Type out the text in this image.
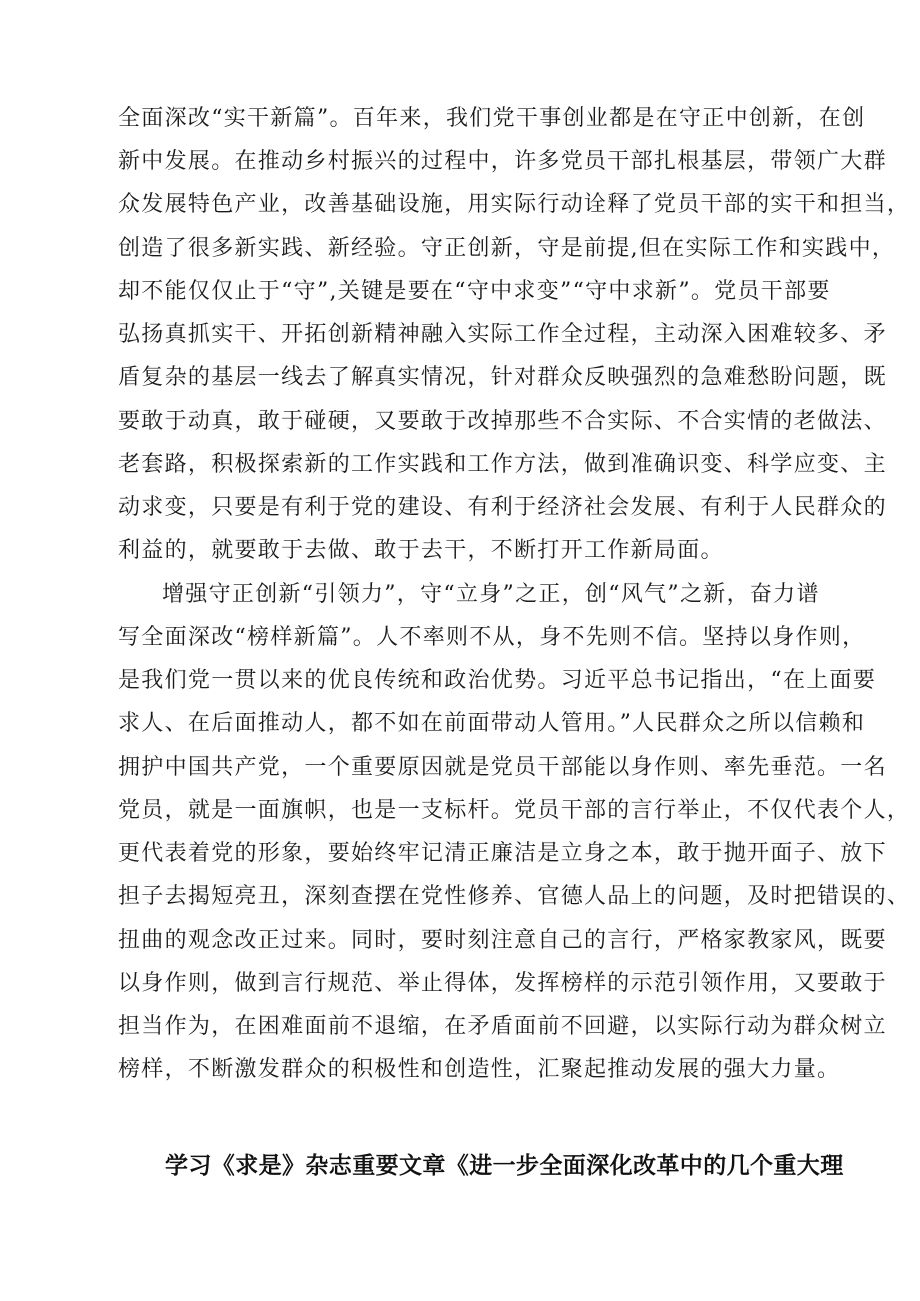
全面深改“实干新篇”。百年来，我们党干事创业都是在守正中创新，在创
新中发展。在推动乡村振兴的过程中，许多党员干部扎根基层，带领广大群
众发展特色产业，改善基础设施，用实际行动诠释了党员干部的实干和担当，
创造了很多新实践、新经验。守正创新，守是前提,但在实际工作和实践中，
却不能仅仅止于“守”,关键是要在“守中求变”“守中求新”。党员干部要
弘扬真抓实干、开拓创新精神融入实际工作全过程，主动深入困难较多、矛
盾复杂的基层一线去了解真实情况，针对群众反映强烈的急难愁盼问题，既
要敢于动真，敢于碰硬，又要敢于改掉那些不合实际、不合实情的老做法、
老套路，积极探索新的工作实践和工作方法，做到准确识变、科学应变、主
动求变，只要是有利于党的建设、有利于经济社会发展、有利于人民群众的
利益的，就要敢于去做、敢于去干，不断打开工作新局面。
增强守正创新“引领力”，守“立身”之正，创“风气”之新，奋力谱
写全面深改“榜样新篇”。人不率则不从，身不先则不信。坚持以身作则，
是我们党一贯以来的优良传统和政治优势。习近平总书记指出，“在上面要
求人、在后面推动人，都不如在前面带动人管用。”人民群众之所以信赖和
拥护中国共产党，一个重要原因就是党员干部能以身作则、率先垂范。一名
党员，就是一面旗帜，也是一支标杆。党员干部的言行举止，不仅代表个人，
更代表着党的形象，要始终牢记清正廉洁是立身之本，敢于抛开面子、放下
担子去揭短亮丑，深刻查摆在党性修养、官德人品上的问题，及时把错误的、
扭曲的观念改正过来。同时，要时刻注意自己的言行，严格家教家风，既要
以身作则，做到言行规范、举止得体，发挥榜样的示范引领作用，又要敢于
担当作为，在困难面前不退缩，在矛盾面前不回避，以实际行动为群众树立
榜样，不断激发群众的积极性和创造性，汇聚起推动发展的强大力量。
学习《求是》杂志重要文章《进一步全面深化改革中的几个重大理
